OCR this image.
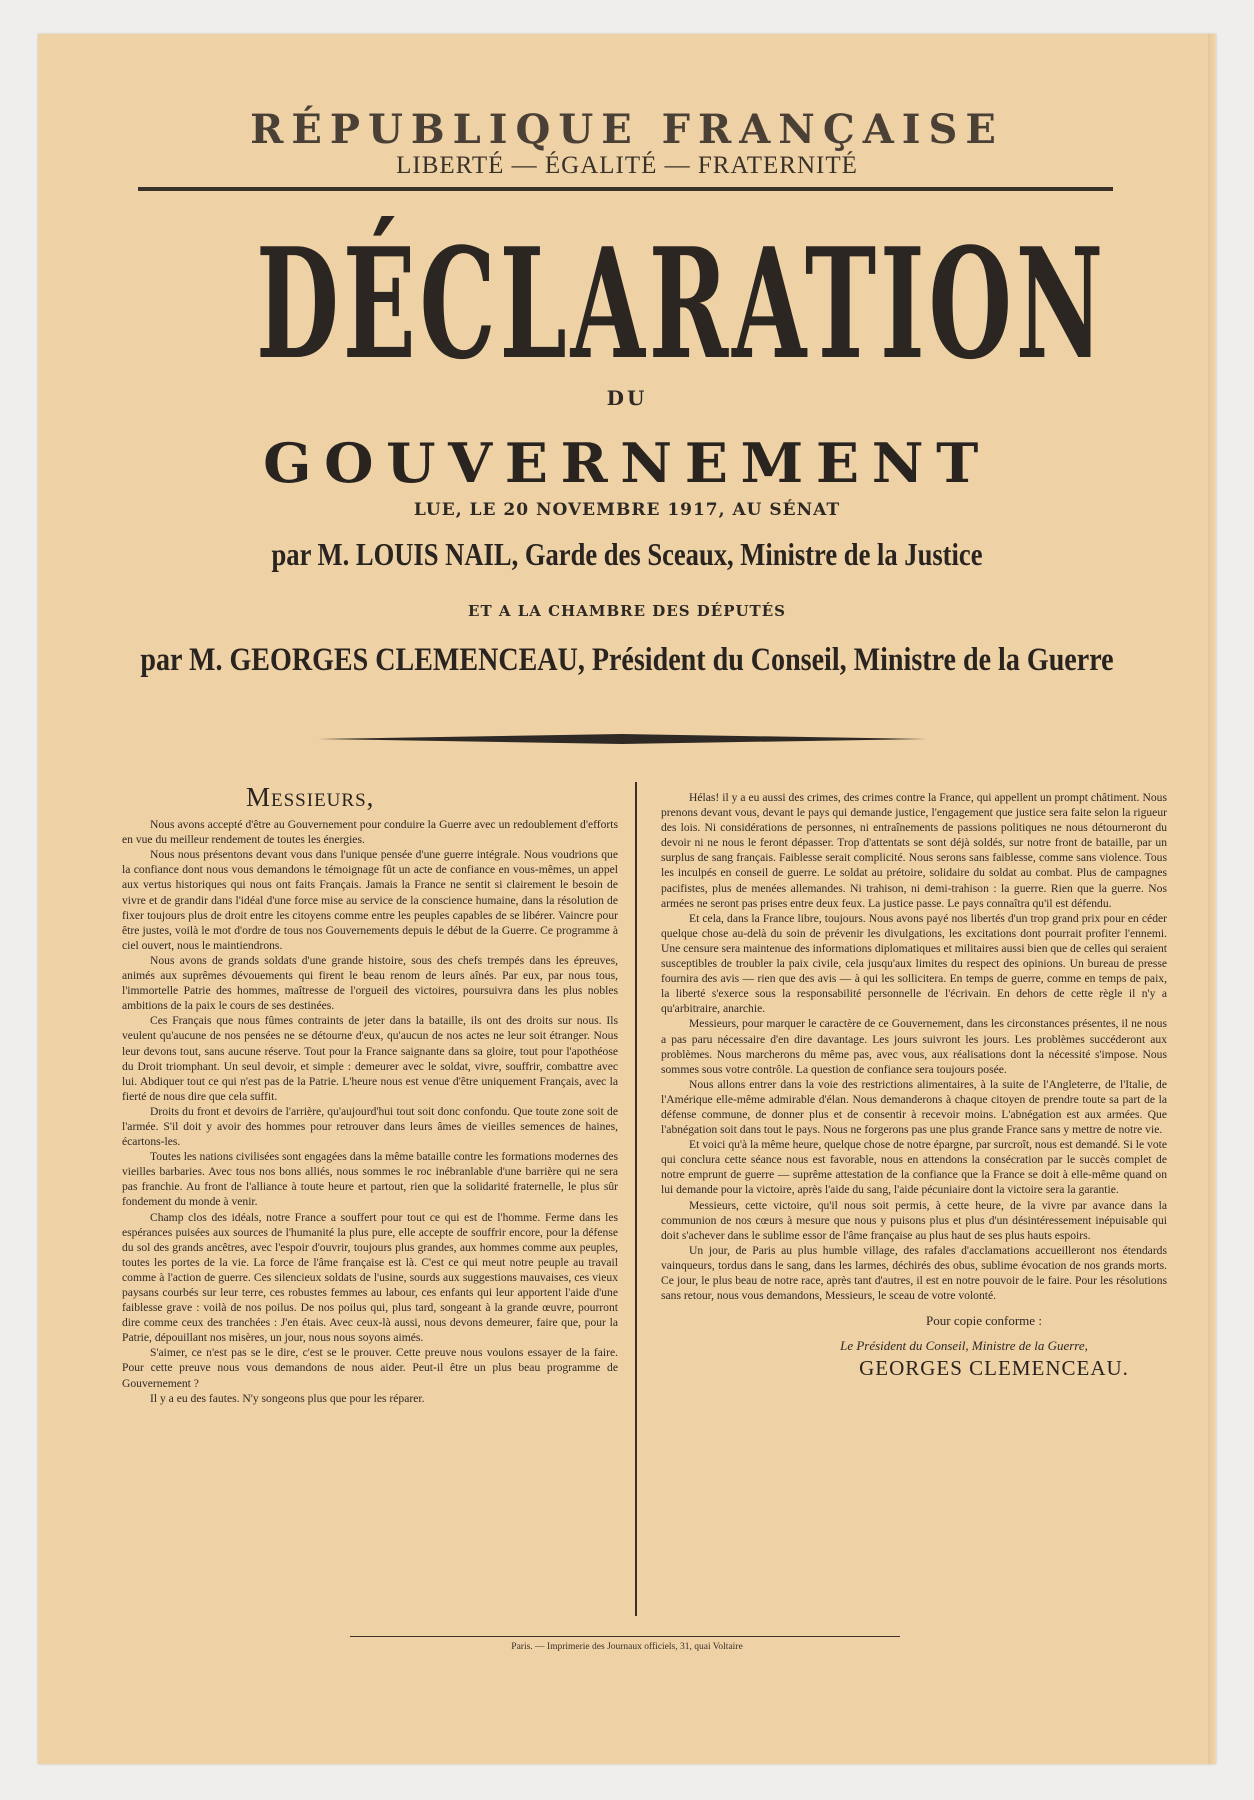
RÉPUBLIQUE FRANÇAISE
LIBERTÉ — ÉGALITÉ — FRATERNITÉ
DÉCLARATION
DU
GOUVERNEMENT
LUE, LE 20 NOVEMBRE 1917, AU SÉNAT
par M. LOUIS NAIL, Garde des Sceaux, Ministre de la Justice
ET A LA CHAMBRE DES DÉPUTÉS
par M. GEORGES CLEMENCEAU, Président du Conseil, Ministre de la Guerre
Messieurs,

Nous avons accepté d'être au Gouvernement pour conduire la Guerre avec un redoublement d'efforts en vue du meilleur rendement de toutes les énergies.

Nous nous présentons devant vous dans l'unique pensée d'une guerre intégrale. Nous voudrions que la confiance dont nous vous demandons le témoignage fût un acte de confiance en vous-mêmes, un appel aux vertus historiques qui nous ont faits Français. Jamais la France ne sentit si clairement le besoin de vivre et de grandir dans l'idéal d'une force mise au service de la conscience humaine, dans la résolution de fixer toujours plus de droit entre les citoyens comme entre les peuples capables de se libérer. Vaincre pour être justes, voilà le mot d'ordre de tous nos Gouvernements depuis le début de la Guerre. Ce programme à ciel ouvert, nous le maintiendrons.

Nous avons de grands soldats d'une grande histoire, sous des chefs trempés dans les épreuves, animés aux suprêmes dévouements qui firent le beau renom de leurs aînés. Par eux, par nous tous, l'immortelle Patrie des hommes, maîtresse de l'orgueil des victoires, poursuivra dans les plus nobles ambitions de la paix le cours de ses destinées.

Ces Français que nous fûmes contraints de jeter dans la bataille, ils ont des droits sur nous. Ils veulent qu'aucune de nos pensées ne se détourne d'eux, qu'aucun de nos actes ne leur soit étranger. Nous leur devons tout, sans aucune réserve. Tout pour la France saignante dans sa gloire, tout pour l'apothéose du Droit triomphant. Un seul devoir, et simple : demeurer avec le soldat, vivre, souffrir, combattre avec lui. Abdiquer tout ce qui n'est pas de la Patrie. L'heure nous est venue d'être uniquement Français, avec la fierté de nous dire que cela suffit.

Droits du front et devoirs de l'arrière, qu'aujourd'hui tout soit donc confondu. Que toute zone soit de l'armée. S'il doit y avoir des hommes pour retrouver dans leurs âmes de vieilles semences de haines, écartons-les.

Toutes les nations civilisées sont engagées dans la même bataille contre les formations modernes des vieilles barbaries. Avec tous nos bons alliés, nous sommes le roc inébranlable d'une barrière qui ne sera pas franchie. Au front de l'alliance à toute heure et partout, rien que la solidarité fraternelle, le plus sûr fondement du monde à venir.

Champ clos des idéals, notre France a souffert pour tout ce qui est de l'homme. Ferme dans les espérances puisées aux sources de l'humanité la plus pure, elle accepte de souffrir encore, pour la défense du sol des grands ancêtres, avec l'espoir d'ouvrir, toujours plus grandes, aux hommes comme aux peuples, toutes les portes de la vie. La force de l'âme française est là. C'est ce qui meut notre peuple au travail comme à l'action de guerre. Ces silencieux soldats de l'usine, sourds aux suggestions mauvaises, ces vieux paysans courbés sur leur terre, ces robustes femmes au labour, ces enfants qui leur apportent l'aide d'une faiblesse grave : voilà de nos poilus. De nos poilus qui, plus tard, songeant à la grande œuvre, pourront dire comme ceux des tranchées : J'en étais. Avec ceux-là aussi, nous devons demeurer, faire que, pour la Patrie, dépouillant nos misères, un jour, nous nous soyons aimés.

S'aimer, ce n'est pas se le dire, c'est se le prouver. Cette preuve nous voulons essayer de la faire. Pour cette preuve nous vous demandons de nous aider. Peut-il être un plus beau programme de Gouvernement ?

Il y a eu des fautes. N'y songeons plus que pour les réparer.

Hélas! il y a eu aussi des crimes, des crimes contre la France, qui appellent un prompt châtiment. Nous prenons devant vous, devant le pays qui demande justice, l'engagement que justice sera faite selon la rigueur des lois. Ni considérations de personnes, ni entraînements de passions politiques ne nous détourneront du devoir ni ne nous le feront dépasser. Trop d'attentats se sont déjà soldés, sur notre front de bataille, par un surplus de sang français. Faiblesse serait complicité. Nous serons sans faiblesse, comme sans violence. Tous les inculpés en conseil de guerre. Le soldat au prétoire, solidaire du soldat au combat. Plus de campagnes pacifistes, plus de menées allemandes. Ni trahison, ni demi-trahison : la guerre. Rien que la guerre. Nos armées ne seront pas prises entre deux feux. La justice passe. Le pays connaîtra qu'il est défendu.

Et cela, dans la France libre, toujours. Nous avons payé nos libertés d'un trop grand prix pour en céder quelque chose au-delà du soin de prévenir les divulgations, les excitations dont pourrait profiter l'ennemi. Une censure sera maintenue des informations diplomatiques et militaires aussi bien que de celles qui seraient susceptibles de troubler la paix civile, cela jusqu'aux limites du respect des opinions. Un bureau de presse fournira des avis — rien que des avis — à qui les sollicitera. En temps de guerre, comme en temps de paix, la liberté s'exerce sous la responsabilité personnelle de l'écrivain. En dehors de cette règle il n'y a qu'arbitraire, anarchie.

Messieurs, pour marquer le caractère de ce Gouvernement, dans les circonstances présentes, il ne nous a pas paru nécessaire d'en dire davantage. Les jours suivront les jours. Les problèmes succéderont aux problèmes. Nous marcherons du même pas, avec vous, aux réalisations dont la nécessité s'impose. Nous sommes sous votre contrôle. La question de confiance sera toujours posée.

Nous allons entrer dans la voie des restrictions alimentaires, à la suite de l'Angleterre, de l'Italie, de l'Amérique elle-même admirable d'élan. Nous demanderons à chaque citoyen de prendre toute sa part de la défense commune, de donner plus et de consentir à recevoir moins. L'abnégation est aux armées. Que l'abnégation soit dans tout le pays. Nous ne forgerons pas une plus grande France sans y mettre de notre vie.

Et voici qu'à la même heure, quelque chose de notre épargne, par surcroît, nous est demandé. Si le vote qui conclura cette séance nous est favorable, nous en attendons la consécration par le succès complet de notre emprunt de guerre — suprême attestation de la confiance que la France se doit à elle-même quand on lui demande pour la victoire, après l'aide du sang, l'aide pécuniaire dont la victoire sera la garantie.

Messieurs, cette victoire, qu'il nous soit permis, à cette heure, de la vivre par avance dans la communion de nos cœurs à mesure que nous y puisons plus et plus d'un désintéressement inépuisable qui doit s'achever dans le sublime essor de l'âme française au plus haut de ses plus hauts espoirs.

Un jour, de Paris au plus humble village, des rafales d'acclamations accueilleront nos étendards vainqueurs, tordus dans le sang, dans les larmes, déchirés des obus, sublime évocation de nos grands morts. Ce jour, le plus beau de notre race, après tant d'autres, il est en notre pouvoir de le faire. Pour les résolutions sans retour, nous vous demandons, Messieurs, le sceau de votre volonté.

Pour copie conforme :
Le Président du Conseil, Ministre de la Guerre,
GEORGES CLEMENCEAU.
Paris. — Imprimerie des Journaux officiels, 31, quai Voltaire
